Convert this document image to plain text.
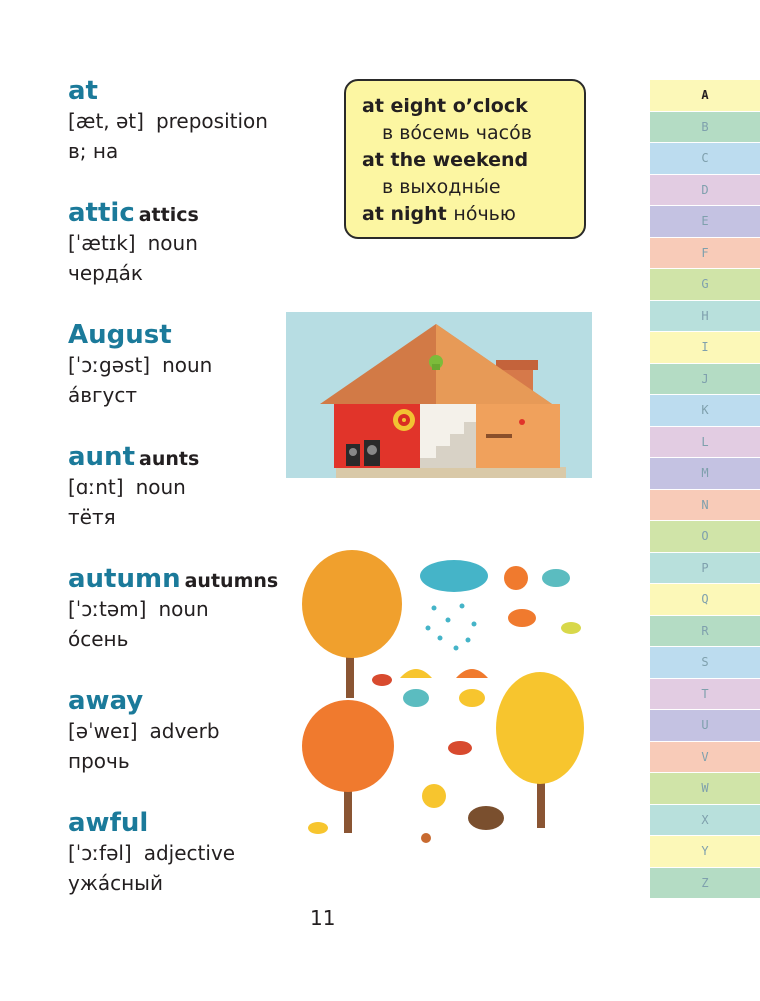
at
[æt, ət] preposition
в; на
attic attics
[ˈætɪk] noun
черда́к
August
[ˈɔːgəst] noun
а́вгуст
aunt aunts
[ɑːnt] noun
тётя
autumn autumns
[ˈɔːtəm] noun
о́сень
away
[əˈweɪ] adverb
прочь
awful
[ˈɔːfəl] adjective
ужа́сный
at eight o’clock
в во́семь часо́в
at the weekend
в выходны́е
at night но́чью
11
A
B
C
D
E
F
G
H
I
J
K
L
M
N
O
P
Q
R
S
T
U
V
W
X
Y
Z
